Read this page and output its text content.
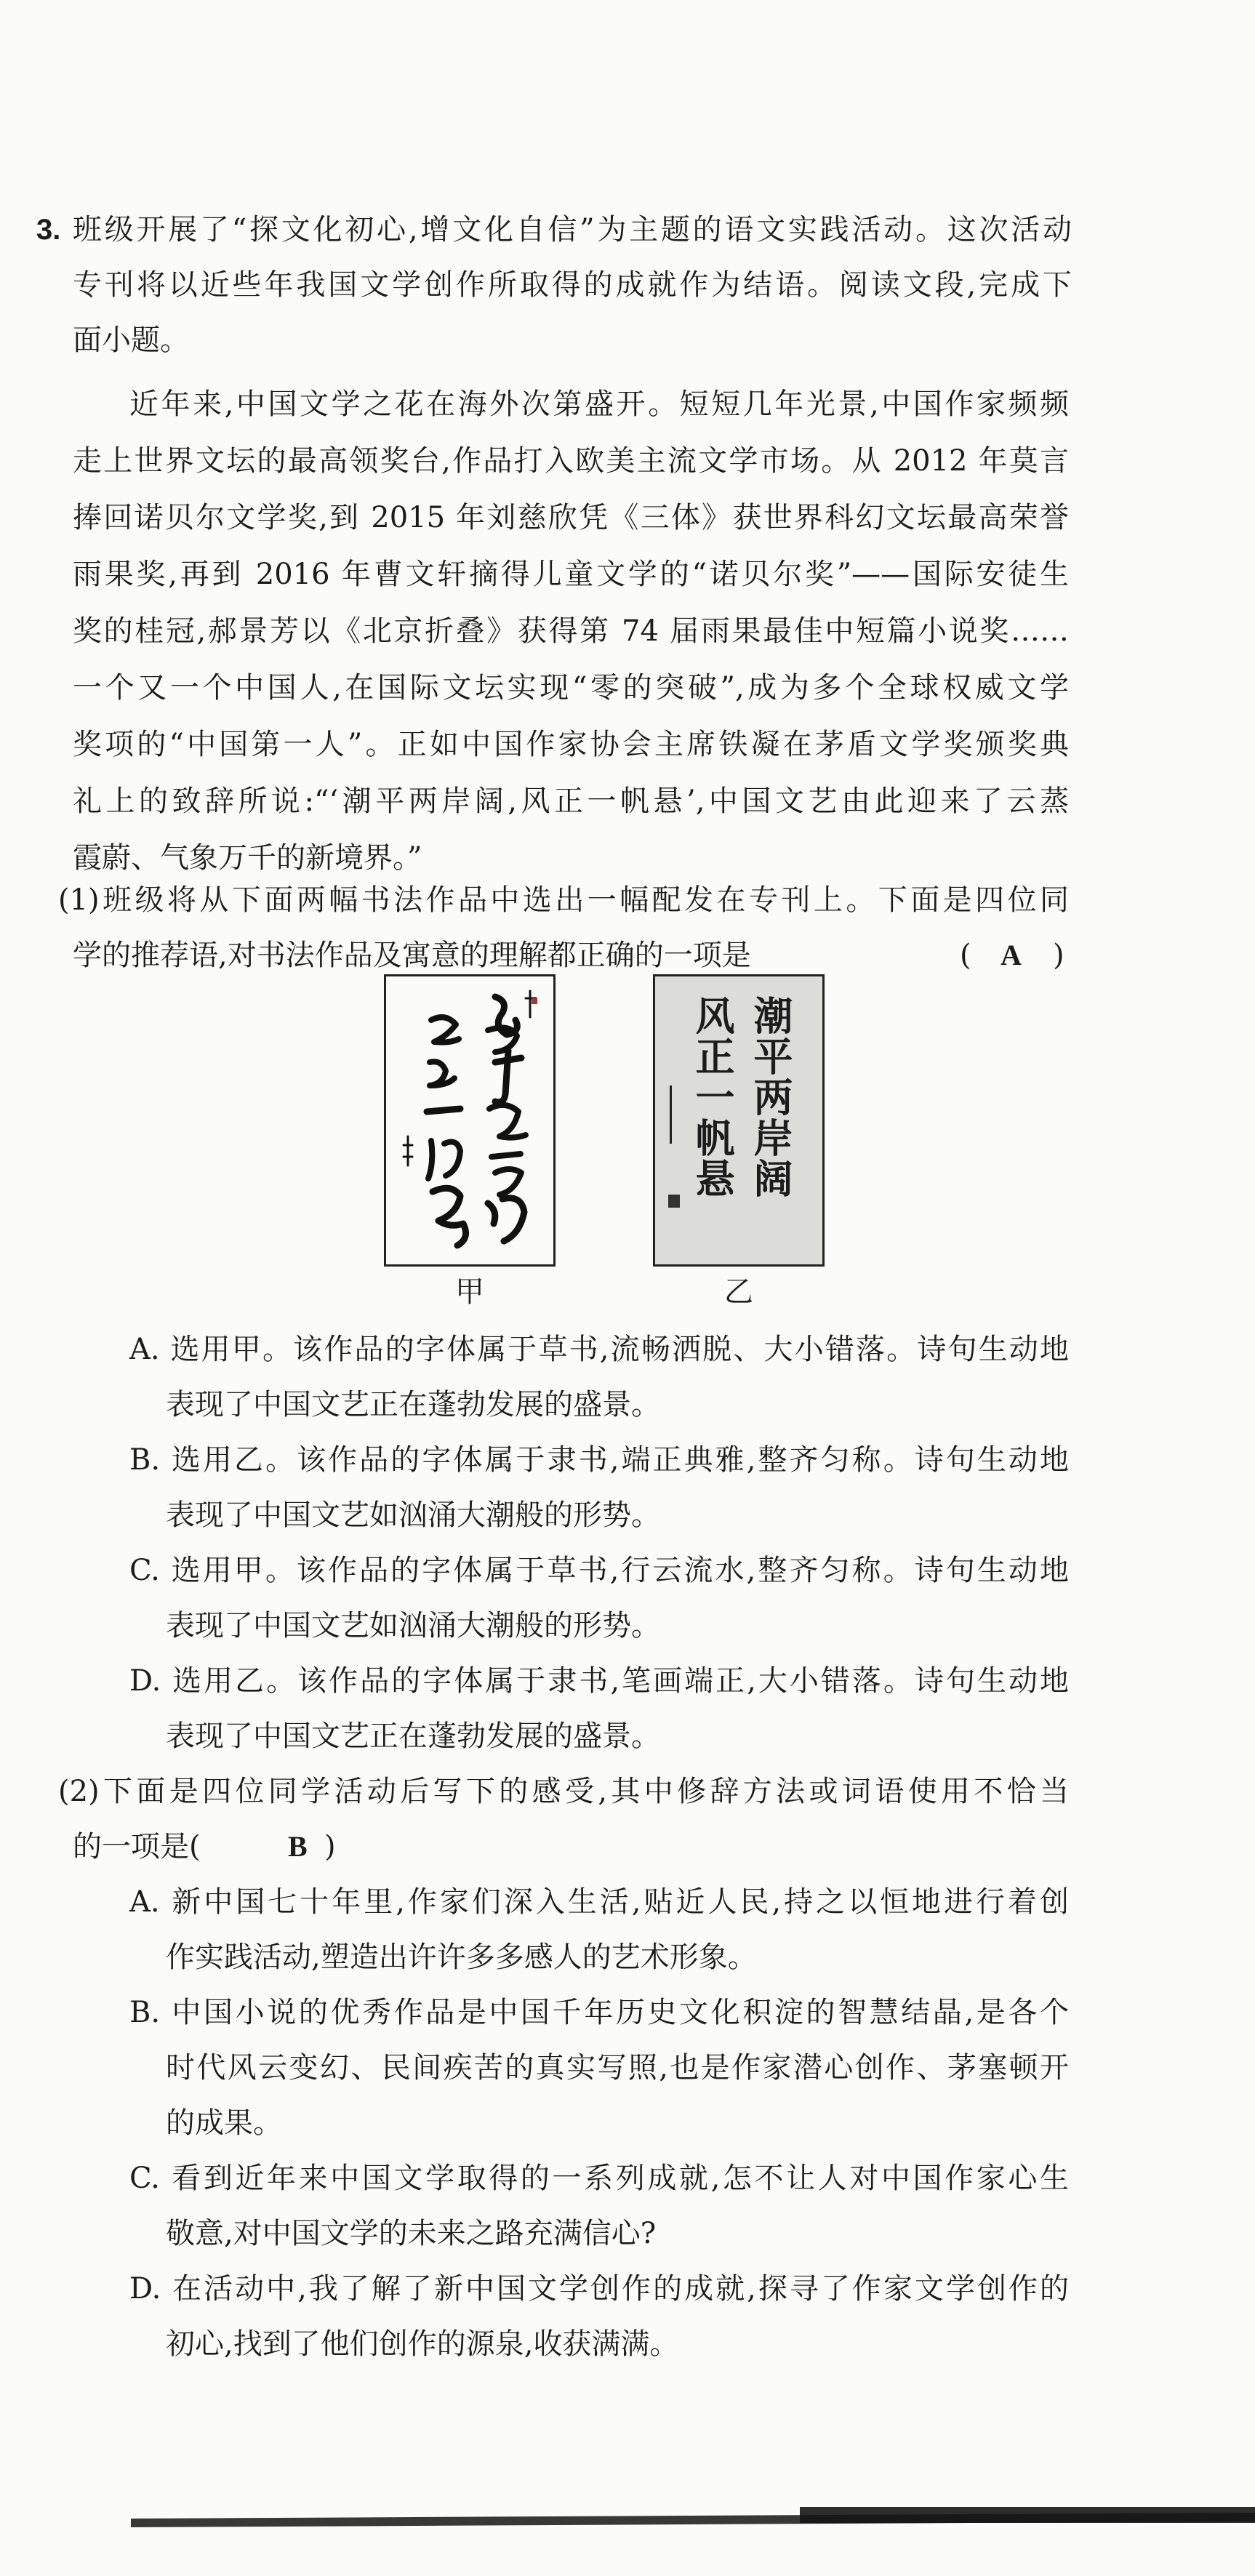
3. 班级开展了“探文化初心,增文化自信”为主题的语文实践活动。这次活动

专刊将以近些年我国文学创作所取得的成就作为结语。阅读文段,完成下

面小题。

近年来,中国文学之花在海外次第盛开。短短几年光景,中国作家频频

走上世界文坛的最高领奖台,作品打入欧美主流文学市场。从 2012 年莫言

捧回诺贝尔文学奖,到 2015 年刘慈欣凭《三体》获世界科幻文坛最高荣誉

雨果奖,再到 2016 年曹文轩摘得儿童文学的“诺贝尔奖”——国际安徒生

奖的桂冠,郝景芳以《北京折叠》获得第 74 届雨果最佳中短篇小说奖……

一个又一个中国人,在国际文坛实现“零的突破”,成为多个全球权威文学

奖项的“中国第一人”。正如中国作家协会主席铁凝在茅盾文学奖颁奖典

礼上的致辞所说:“‘潮平两岸阔,风正一帆悬’,中国文艺由此迎来了云蒸

霞蔚、气象万千的新境界。”

(1)班级将从下面两幅书法作品中选出一幅配发在专刊上。下面是四位同

学的推荐语,对书法作品及寓意的理解都正确的一项是	( A )
潮平两岸阔
风正一帆悬
甲	乙

A. 选用甲。该作品的字体属于草书,流畅洒脱、大小错落。诗句生动地

表现了中国文艺正在蓬勃发展的盛景。

B. 选用乙。该作品的字体属于隶书,端正典雅,整齐匀称。诗句生动地

表现了中国文艺如汹涌大潮般的形势。

C. 选用甲。该作品的字体属于草书,行云流水,整齐匀称。诗句生动地

表现了中国文艺如汹涌大潮般的形势。

D. 选用乙。该作品的字体属于隶书,笔画端正,大小错落。诗句生动地

表现了中国文艺正在蓬勃发展的盛景。

(2)下面是四位同学活动后写下的感受,其中修辞方法或词语使用不恰当

的一项是(	B )

A. 新中国七十年里,作家们深入生活,贴近人民,持之以恒地进行着创

作实践活动,塑造出许许多多感人的艺术形象。

B. 中国小说的优秀作品是中国千年历史文化积淀的智慧结晶,是各个

时代风云变幻、民间疾苦的真实写照,也是作家潜心创作、茅塞顿开

的成果。

C. 看到近年来中国文学取得的一系列成就,怎不让人对中国作家心生

敬意,对中国文学的未来之路充满信心?

D. 在活动中,我了解了新中国文学创作的成就,探寻了作家文学创作的

初心,找到了他们创作的源泉,收获满满。
